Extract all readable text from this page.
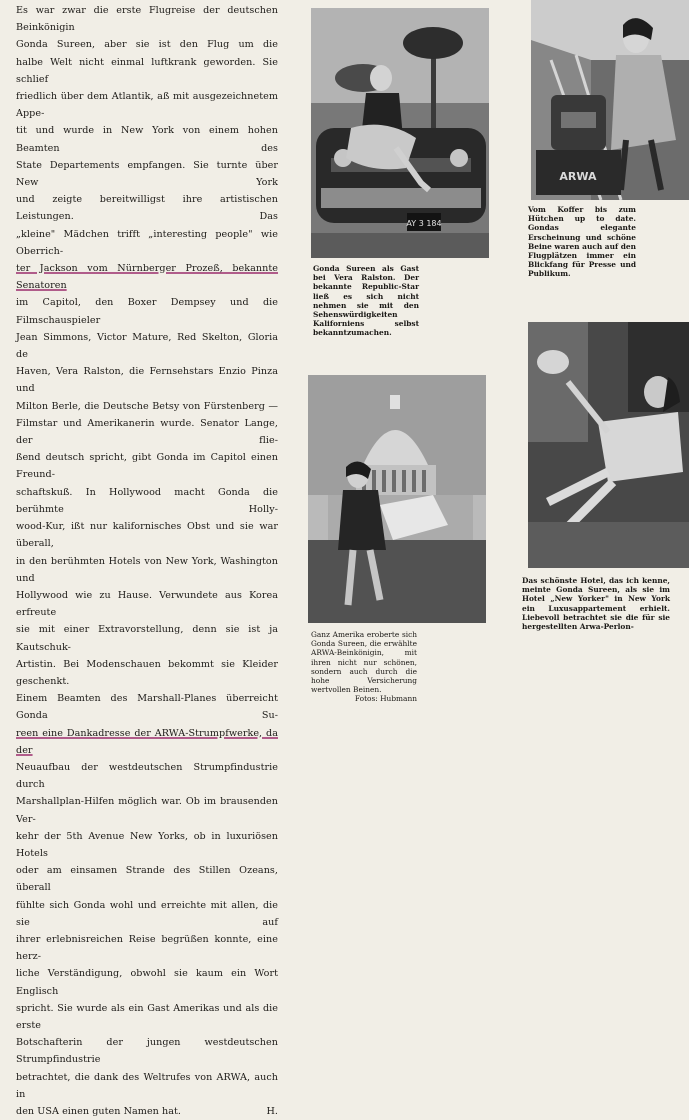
Es war zwar die erste Flugreise der deutschen Beinkönigin

Gonda Sureen, aber sie ist den Flug um die

halbe Welt nicht einmal luftkrank geworden. Sie schlief

friedlich über dem Atlantik, aß mit ausgezeichnetem Appe-

tit und wurde in New York von einem hohen Beamten des

State Departements empfangen. Sie turnte über New York

und zeigte bereitwilligst ihre artistischen Leistungen. Das

„kleine" Mädchen trifft „interesting people" wie Oberrich-

ter Jackson vom Nürnberger Prozeß, bekannte Senatoren

im Capitol, den Boxer Dempsey und die Filmschauspieler

Jean Simmons, Victor Mature, Red Skelton, Gloria de

Haven, Vera Ralston, die Fernsehstars Enzio Pinza und

Milton Berle, die Deutsche Betsy von Fürstenberg —

Filmstar und Amerikanerin wurde. Senator Lange, der flie-

ßend deutsch spricht, gibt Gonda im Capitol einen Freund-

schaftskuß. In Hollywood macht Gonda die berühmte Holly-

wood-Kur, ißt nur kalifornisches Obst und sie war überall,

in den berühmten Hotels von New York, Washington und

Hollywood wie zu Hause. Verwundete aus Korea erfreute

sie mit einer Extravorstellung, denn sie ist ja Kautschuk-

Artistin. Bei Modenschauen bekommt sie Kleider geschenkt.

Einem Beamten des Marshall-Planes überreicht Gonda Su-

reen eine Dankadresse der ARWA-Strumpfwerke, da der

Neuaufbau der westdeutschen Strumpfindustrie durch

Marshallplan-Hilfen möglich war. Ob im brausenden Ver-

kehr der 5th Avenue New Yorks, ob in luxuriösen Hotels

oder am einsamen Strande des Stillen Ozeans, überall

fühlte sich Gonda wohl und erreichte mit allen, die sie auf

ihrer erlebnisreichen Reise begrüßen konnte, eine herz-

liche Verständigung, obwohl sie kaum ein Wort Englisch

spricht. Sie wurde als ein Gast Amerikas und als die erste

Botschafterin der jungen westdeutschen Strumpfindustrie

betrachtet, die dank des Weltrufes von ARWA, auch in

den USA einen guten Namen hat.	H.

AY 3 184
Gonda Sureen als Gast bei Vera Ralston. Der bekannte Republic-Star ließ es sich nicht nehmen sie mit den Sehenswürdigkeiten Kaliforniens selbst bekanntzumachen.
ARWA
Vom Koffer bis zum Hütchen up to date. Gondas elegante Erscheinung und schöne Beine waren auch auf den Flugplätzen immer ein Blickfang für Presse und Publikum.
Ganz Amerika eroberte sich Gonda Sureen, die erwählte ARWA-Beinkönigin, mit ihren nicht nur schönen, sondern auch durch die hohe Versicherung wertvollen Beinen.
Fotos: Hubmann
Das schönste Hotel, das ich kenne, meinte Gonda Sureen, als sie im Hotel „New Yorker" in New York ein Luxusappartement erhielt. Liebevoll betrachtet sie die für sie hergestellten Arwa-Perlon-
